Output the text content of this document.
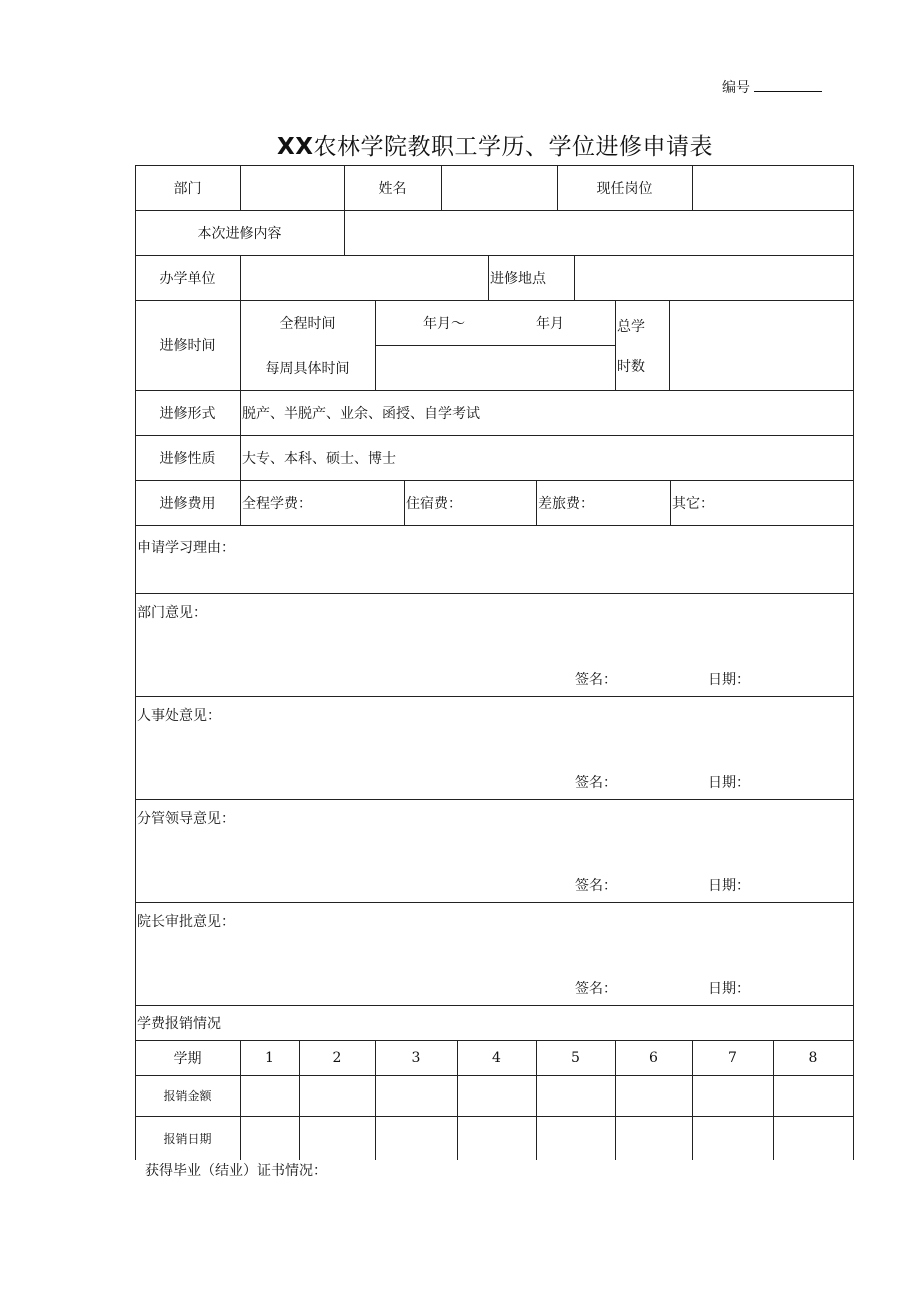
编号
XX农林学院教职工学历、学位进修申请表
部门	姓名	现任岗位
本次进修内容
办学单位	进修地点
进修时间
全程时间	年月～	年月
每周具体时间
总学
时数
进修形式	脱产、半脱产、业余、函授、自学考试
进修性质	大专、本科、硕士、博士
进修费用	全程学费：	住宿费：	差旅费：	其它：
申请学习理由：
部门意见：
签名：	日期：
人事处意见：
签名：	日期：
分管领导意见：
签名：	日期：
院长审批意见：
签名：	日期：
学费报销情况
学期	1	2	3	4	5	6	7	8
报销金额
报销日期
获得毕业（结业）证书情况：
